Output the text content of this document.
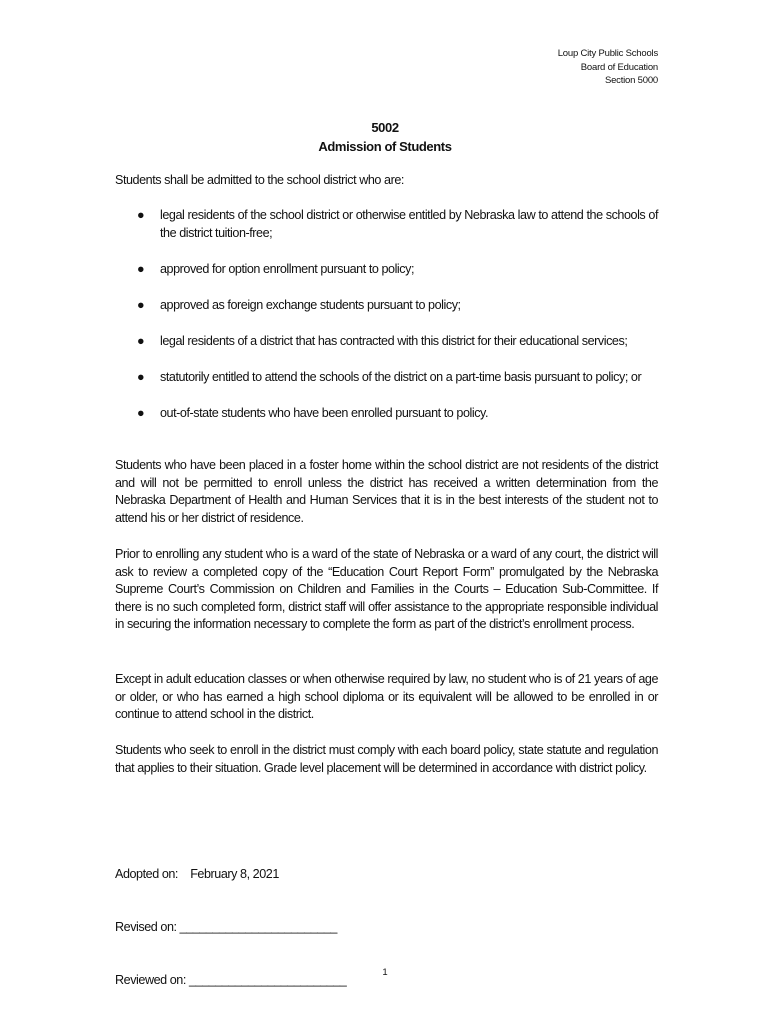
Loup City Public Schools
Board of Education
Section 5000
5002
Admission of Students
Students shall be admitted to the school district who are:
● legal residents of the school district or otherwise entitled by Nebraska law to attend the schools of the district tuition-free;
● approved for option enrollment pursuant to policy;
● approved as foreign exchange students pursuant to policy;
● legal residents of a district that has contracted with this district for their educational services;
● statutorily entitled to attend the schools of the district on a part-time basis pursuant to policy; or
● out-of-state students who have been enrolled pursuant to policy.
Students who have been placed in a foster home within the school district are not residents of the district and will not be permitted to enroll unless the district has received a written determination from the Nebraska Department of Health and Human Services that it is in the best interests of the student not to attend his or her district of residence.
Prior to enrolling any student who is a ward of the state of Nebraska or a ward of any court, the district will ask to review a completed copy of the “Education Court Report Form” promulgated by the Nebraska Supreme Court’s Commission on Children and Families in the Courts – Education Sub-Committee. If there is no such completed form, district staff will offer assistance to the appropriate responsible individual in securing the information necessary to complete the form as part of the district’s enrollment process.
Except in adult education classes or when otherwise required by law, no student who is of 21 years of age or older, or who has earned a high school diploma or its equivalent will be allowed to be enrolled in or continue to attend school in the district.
Students who seek to enroll in the district must comply with each board policy, state statute and regulation that applies to their situation. Grade level placement will be determined in accordance with district policy.

Adopted on: February 8, 2021

Revised on: ________________________

Reviewed on: ________________________

1
